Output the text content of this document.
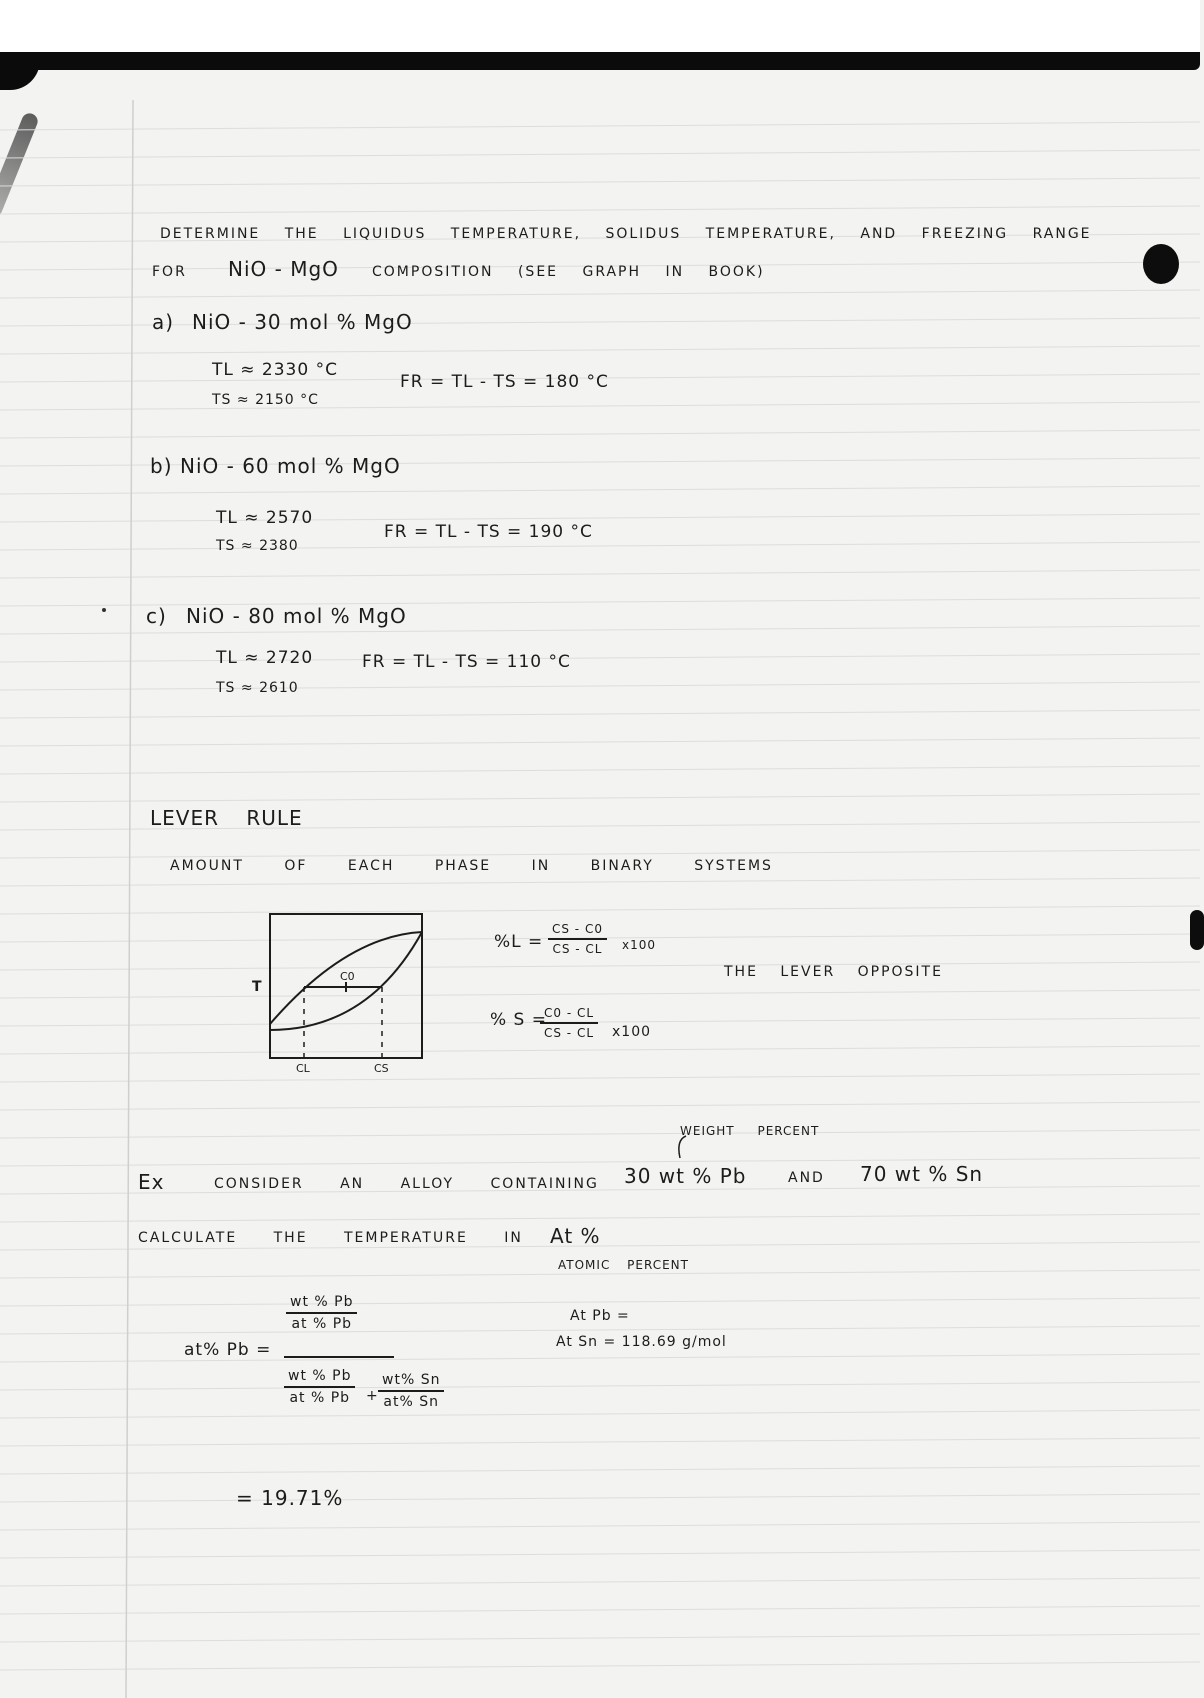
DETERMINE THE LIQUIDUS TEMPERATURE, SOLIDUS TEMPERATURE, AND FREEZING RANGE
FOR NiO - MgO COMPOSITION (SEE GRAPH IN BOOK)
a) NiO - 30 mol % MgO
TL ≈ 2330 °C
TS ≈ 2150 °C
FR = TL - TS = 180 °C
b) NiO - 60 mol % MgO
TL ≈ 2570
TS ≈ 2380
FR = TL - TS = 190 °C
c) NiO - 80 mol % MgO
TL ≈ 2720
TS ≈ 2610
FR = TL - TS = 110 °C
LEVER RULE
AMOUNT OF EACH PHASE IN BINARY SYSTEMS
T
C0
CL	CS
$\%L = \frac{CS - C0}{CS - CL} x100$
% S =
$\frac{C0 - CL}{CS - CL} x100$
THE LEVER OPPOSITE
WEIGHT PERCENT
Ex	CONSIDER AN ALLOY CONTAINING 30 wt % Pb	AND 70 wt % Sn
CALCULATE THE TEMPERATURE IN At %
ATOMIC PERCENT
At Pb =
At Sn = 118.69 g/mol
at% Pb =
$\frac{wt \% Pb}{at \% Pb}$
$\frac{wt \% Pb}{at \% Pb} + \frac{wt\% Sn}{at\% Sn}$
= 19.71%
